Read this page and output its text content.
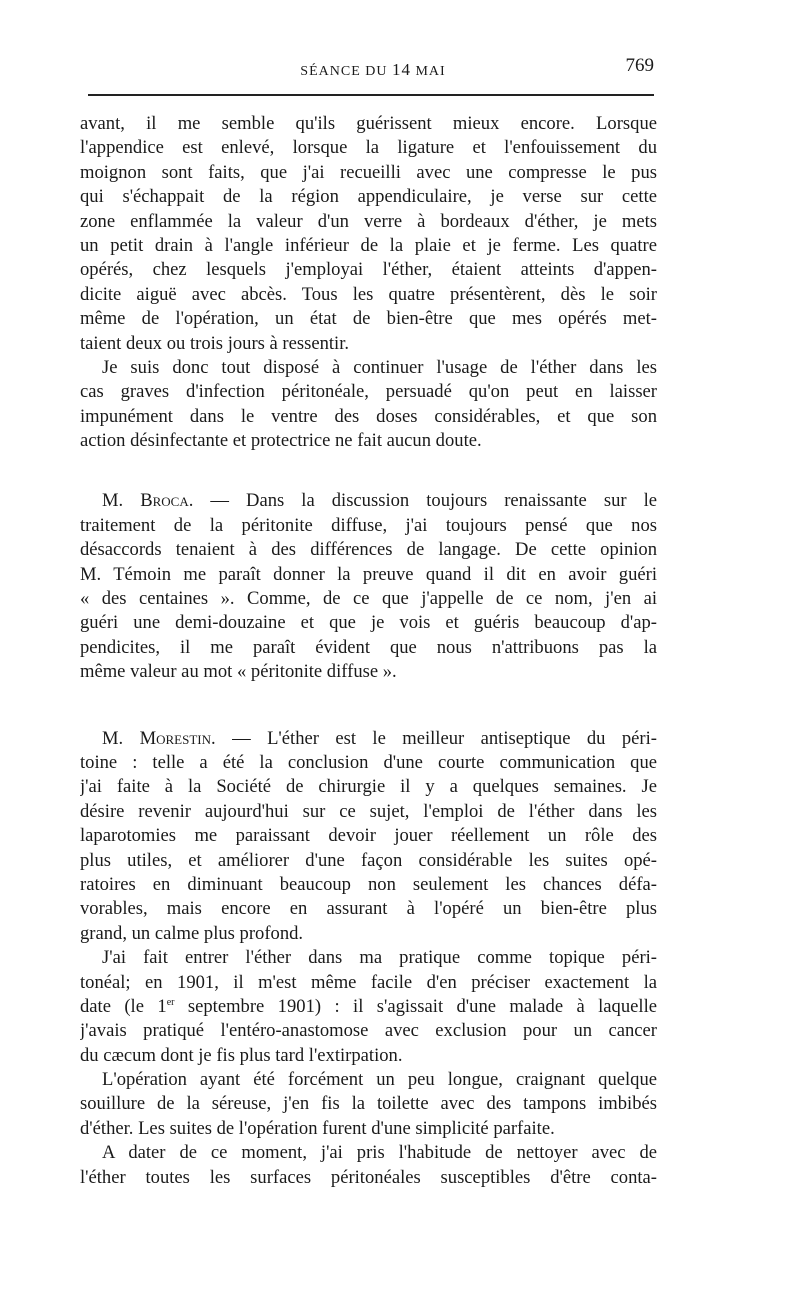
SÉANCE DU 14 MAI	769
avant, il me semble qu'ils guérissent mieux encore. Lorsque
l'appendice est enlevé, lorsque la ligature et l'enfouissement du
moignon sont faits, que j'ai recueilli avec une compresse le pus
qui s'échappait de la région appendiculaire, je verse sur cette
zone enflammée la valeur d'un verre à bordeaux d'éther, je mets
un petit drain à l'angle inférieur de la plaie et je ferme. Les quatre
opérés, chez lesquels j'employai l'éther, étaient atteints d'appen-
dicite aiguë avec abcès. Tous les quatre présentèrent, dès le soir
même de l'opération, un état de bien-être que mes opérés met-
taient deux ou trois jours à ressentir.
Je suis donc tout disposé à continuer l'usage de l'éther dans les
cas graves d'infection péritonéale, persuadé qu'on peut en laisser
impunément dans le ventre des doses considérables, et que son
action désinfectante et protectrice ne fait aucun doute.
M. Broca. — Dans la discussion toujours renaissante sur le
traitement de la péritonite diffuse, j'ai toujours pensé que nos
désaccords tenaient à des différences de langage. De cette opinion
M. Témoin me paraît donner la preuve quand il dit en avoir guéri
« des centaines ». Comme, de ce que j'appelle de ce nom, j'en ai
guéri une demi-douzaine et que je vois et guéris beaucoup d'ap-
pendicites, il me paraît évident que nous n'attribuons pas la
même valeur au mot « péritonite diffuse ».
M. Morestin. — L'éther est le meilleur antiseptique du péri-
toine : telle a été la conclusion d'une courte communication que
j'ai faite à la Société de chirurgie il y a quelques semaines. Je
désire revenir aujourd'hui sur ce sujet, l'emploi de l'éther dans les
laparotomies me paraissant devoir jouer réellement un rôle des
plus utiles, et améliorer d'une façon considérable les suites opé-
ratoires en diminuant beaucoup non seulement les chances défa-
vorables, mais encore en assurant à l'opéré un bien-être plus
grand, un calme plus profond.
J'ai fait entrer l'éther dans ma pratique comme topique péri-
tonéal; en 1901, il m'est même facile d'en préciser exactement la
date (le 1er septembre 1901) : il s'agissait d'une malade à laquelle
j'avais pratiqué l'entéro-anastomose avec exclusion pour un cancer
du cæcum dont je fis plus tard l'extirpation.
L'opération ayant été forcément un peu longue, craignant quelque
souillure de la séreuse, j'en fis la toilette avec des tampons imbibés
d'éther. Les suites de l'opération furent d'une simplicité parfaite.
A dater de ce moment, j'ai pris l'habitude de nettoyer avec de
l'éther toutes les surfaces péritonéales susceptibles d'être conta-
